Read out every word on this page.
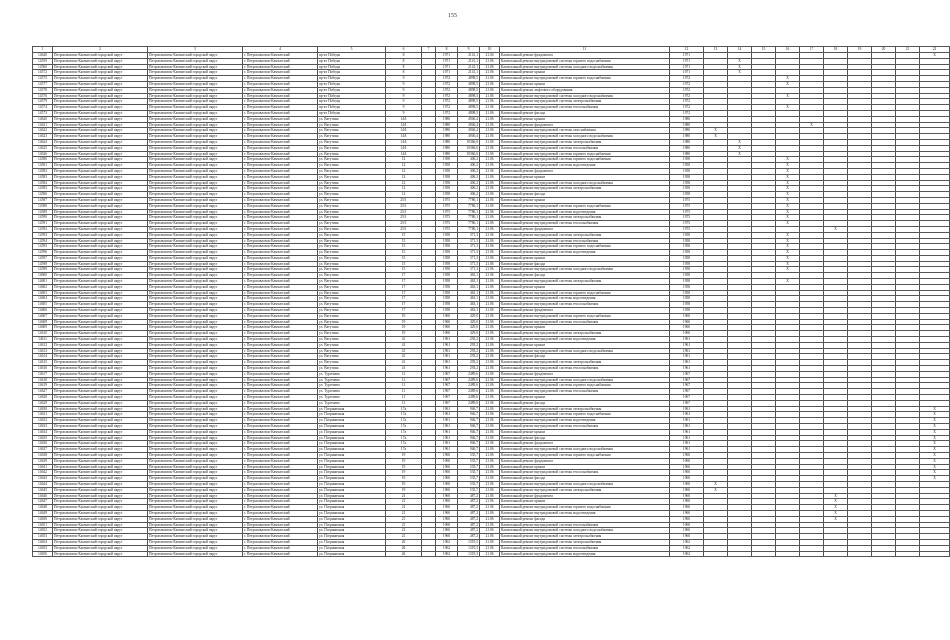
155
1	2	3	4	5	6	7	8	9	10	11	12	13	14	15	16	17	18	19	20	21	22
14640	Петропавловск-Камчатский городской округ	Петропавловск-Камчатский городской округ	г. Петропавловск-Камчатский	пр-кт Победы	8		1971	2141,1	21.04	Капитальный ремонт фундамента	1971										X
14559	Петропавловск-Камчатский городской округ	Петропавловск-Камчатский городской округ	г. Петропавловск-Камчатский	пр-кт Победы	8		1971	2141,1	21.06	Капитальный ремонт внутридомовой системы горячего водоснабжения	1971		X								
14560	Петропавловск-Камчатский городской округ	Петропавловск-Камчатский городской округ	г. Петропавловск-Камчатский	пр-кт Победы	8		1971	2141,1	21.06	Капитальный ремонт внутридомовой системы холодного водоснабжения	1971		X								
14572	Петропавловск-Камчатский городской округ	Петропавловск-Камчатский городской округ	г. Петропавловск-Камчатский	пр-кт Победы	8		1971	2141,1	21.06	Капитальный ремонт крыши	1971		X								
14575	Петропавловск-Камчатский городской округ	Петропавловск-Камчатский городской округ	г. Петропавловск-Камчатский	пр-кт Победы	9		1972	4898,5	21.06	Капитальный ремонт внутридомовой системы горячего водоснабжения	1972				X						
14577	Петропавловск-Камчатский городской округ	Петропавловск-Камчатский городской округ	г. Петропавловск-Камчатский	пр-кт Победы	9		1972	4898,5	21.06	Капитальный ремонт крыши	1972				X						
14578	Петропавловск-Камчатский городской округ	Петропавловск-Камчатский городской округ	г. Петропавловск-Камчатский	пр-кт Победы	9		1972	4898,5	21.06	Капитальный ремонт лифтового оборудования	1972										
14576	Петропавловск-Камчатский городской округ	Петропавловск-Камчатский городской округ	г. Петропавловск-Камчатский	пр-кт Победы	9		1972	4898,5	21.06	Капитальный ремонт внутридомовой системы холодного водоснабжения	1972				X						
14579	Петропавловск-Камчатский городской округ	Петропавловск-Камчатский городской округ	г. Петропавловск-Камчатский	пр-кт Победы	9		1972	4898,5	21.06	Капитальный ремонт внутридомовой системы электроснабжения	1972										
14574	Петропавловск-Камчатский городской округ	Петропавловск-Камчатский городской округ	г. Петропавловск-Камчатский	пр-кт Победы	9		1972	4898,5	21.06	Капитальный ремонт внутридомовой системы теплоснабжения	1972				X						
14573	Петропавловск-Камчатский городской округ	Петропавловск-Камчатский городской округ	г. Петропавловск-Камчатский	пр-кт Победы	9		1972	4898,5	21.06	Капитальный ремонт фасада	1972										
14620	Петропавловск-Камчатский городской округ	Петропавловск-Камчатский городской округ	г. Петропавловск-Камчатский	ул. Ватутина	14А		1980	4946,4	21.06	Капитальный ремонт крыши	1980										
14621	Петропавловск-Камчатский городской округ	Петропавловск-Камчатский городской округ	г. Петропавловск-Камчатский	ул. Ватутина	14А		1980	4946,4	21.06	Капитальный ремонт фундамента	1980					X					
14622	Петропавловск-Камчатский городской округ	Петропавловск-Камчатский городской округ	г. Петропавловск-Камчатский	ул. Ватутина	14А		1980	4946,4	21.06	Капитальный ремонт внутридомовой системы газоснабжения	1980	X									
14623	Петропавловск-Камчатский городской округ	Петропавловск-Камчатский городской округ	г. Петропавловск-Камчатский	ул. Ватутина	14А		1980	4946,4	21.06	Капитальный ремонт внутридомовой системы холодного водоснабжения	1980	X									
14624	Петропавловск-Камчатский городской округ	Петропавловск-Камчатский городской округ	г. Петропавловск-Камчатский	ул. Ватутина	14А		1980	10366,6	21.06	Капитальный ремонт внутридомовой системы электроснабжения	1980		X								
14625	Петропавловск-Камчатский городской округ	Петропавловск-Камчатский городской округ	г. Петропавловск-Камчатский	ул. Ватутина	14А		1980	10366,6	21.06	Капитальный ремонт внутридомовой системы теплоснабжения	1980		X								
14626	Петропавловск-Камчатский городской округ	Петропавловск-Камчатский городской округ	г. Петропавловск-Камчатский	ул. Ватутина	14А		1980	10366,6	21.06	Капитальный ремонт внутридомовой системы горячего водоснабжения	1980		X								
14580	Петропавловск-Камчатский городской округ	Петропавловск-Камчатский городской округ	г. Петропавловск-Камчатский	ул. Ватутина	12		1958	406,2	21.06	Капитальный ремонт внутридомовой системы горячего водоснабжения	1958				X						
14581	Петропавловск-Камчатский городской округ	Петропавловск-Камчатский городской округ	г. Петропавловск-Камчатский	ул. Ватутина	12		1958	406,2	21.06	Капитальный ремонт внутридомовой системы водоотведения	1958				X						
14582	Петропавловск-Камчатский городской округ	Петропавловск-Камчатский городской округ	г. Петропавловск-Камчатский	ул. Ватутина	12		1958	406,2	21.06	Капитальный ремонт фундамента	1958				X						
14583	Петропавловск-Камчатский городской округ	Петропавловск-Камчатский городской округ	г. Петропавловск-Камчатский	ул. Ватутина	12		1958	406,2	21.06	Капитальный ремонт крыши	1958				X						
14584	Петропавловск-Камчатский городской округ	Петропавловск-Камчатский городской округ	г. Петропавловск-Камчатский	ул. Ватутина	12		1958	406,2	21.06	Капитальный ремонт внутридомовой системы холодного водоснабжения	1958				X						
14585	Петропавловск-Камчатский городской округ	Петропавловск-Камчатский городской округ	г. Петропавловск-Камчатский	ул. Ватутина	12		1958	406,2	21.06	Капитальный ремонт внутридомовой системы электроснабжения	1958				X						
14586	Петропавловск-Камчатский городской округ	Петропавловск-Камчатский городской округ	г. Петропавловск-Камчатский	ул. Ватутина	12		1958	406,2	21.06	Капитальный ремонт фасада	1958				X						
14587	Петропавловск-Камчатский городской округ	Петропавловск-Камчатский городской округ	г. Петропавловск-Камчатский	ул. Ватутина	25/1		1975	7786,1	21.06	Капитальный ремонт крыши	1975				X						
14588	Петропавловск-Камчатский городской округ	Петропавловск-Камчатский городской округ	г. Петропавловск-Камчатский	ул. Ватутина	25/1		1975	7786,1	21.06	Капитальный ремонт внутридомовой системы горячего водоснабжения	1975				X						
14589	Петропавловск-Камчатский городской округ	Петропавловск-Камчатский городской округ	г. Петропавловск-Камчатский	ул. Ватутина	25/1		1975	7786,1	21.06	Капитальный ремонт внутридомовой системы водоотведения	1975				X						
14590	Петропавловск-Камчатский городской округ	Петропавловск-Камчатский городской округ	г. Петропавловск-Камчатский	ул. Ватутина	25/1		1975	7786,1	21.06	Капитальный ремонт внутридомовой системы электроснабжения	1975				X						
14591	Петропавловск-Камчатский городской округ	Петропавловск-Камчатский городской округ	г. Петропавловск-Камчатский	ул. Ватутина	25/1		1975	7786,1	21.06	Капитальный ремонт внутридомовой системы теплоснабжения	1975				X						
14592	Петропавловск-Камчатский городской округ	Петропавловск-Камчатский городской округ	г. Петропавловск-Камчатский	ул. Ватутина	25/1		1975	7786,1	21.06	Капитальный ремонт фундамента	1975						X				
14593	Петропавловск-Камчатский городской округ	Петропавловск-Камчатский городской округ	г. Петропавловск-Камчатский	ул. Ватутина	15		1958	371,3	21.06	Капитальный ремонт внутридомовой системы электроснабжения	1958				X						
14594	Петропавловск-Камчатский городской округ	Петропавловск-Камчатский городской округ	г. Петропавловск-Камчатский	ул. Ватутина	15		1958	371,3	21.06	Капитальный ремонт внутридомовой системы теплоснабжения	1958				X						
14595	Петропавловск-Камчатский городской округ	Петропавловск-Камчатский городской округ	г. Петропавловск-Камчатский	ул. Ватутина	15		1958	371,3	21.06	Капитальный ремонт внутридомовой системы горячего водоснабжения	1958				X						
14596	Петропавловск-Камчатский городской округ	Петропавловск-Камчатский городской округ	г. Петропавловск-Камчатский	ул. Ватутина	15		1958	371,3	21.06	Капитальный ремонт внутридомовой системы водоотведения	1958				X						
14597	Петропавловск-Камчатский городской округ	Петропавловск-Камчатский городской округ	г. Петропавловск-Камчатский	ул. Ватутина	15		1958	371,3	21.06	Капитальный ремонт крыши	1958				X						
14598	Петропавловск-Камчатский городской округ	Петропавловск-Камчатский городской округ	г. Петропавловск-Камчатский	ул. Ватутина	15		1958	371,3	21.06	Капитальный ремонт фасада	1958				X						
14599	Петропавловск-Камчатский городской округ	Петропавловск-Камчатский городской округ	г. Петропавловск-Камчатский	ул. Ватутина	15		1958	371,3	21.06	Капитальный ремонт внутридомовой системы холодного водоснабжения	1958				X						
14600	Петропавловск-Камчатский городской округ	Петропавловск-Камчатский городской округ	г. Петропавловск-Камчатский	ул. Ватутина	17		1958	463,1	21.06	Капитальный ремонт фасада	1958										
14601	Петропавловск-Камчатский городской округ	Петропавловск-Камчатский городской округ	г. Петропавловск-Камчатский	ул. Ватутина	17		1958	463,1	21.06	Капитальный ремонт внутридомовой системы электроснабжения	1958				X						
14602	Петропавловск-Камчатский городской округ	Петропавловск-Камчатский городской округ	г. Петропавловск-Камчатский	ул. Ватутина	17		1958	463,1	21.06	Капитальный ремонт крыши	1958										
14603	Петропавловск-Камчатский городской округ	Петропавловск-Камчатский городской округ	г. Петропавловск-Камчатский	ул. Ватутина	17		1958	463,1	21.06	Капитальный ремонт внутридомовой системы горячего водоснабжения	1958										
14604	Петропавловск-Камчатский городской округ	Петропавловск-Камчатский городской округ	г. Петропавловск-Камчатский	ул. Ватутина	17		1958	463,1	21.06	Капитальный ремонт внутридомовой системы водоотведения	1958										
14605	Петропавловск-Камчатский городской округ	Петропавловск-Камчатский городской округ	г. Петропавловск-Камчатский	ул. Ватутина	17		1958	463,1	21.06	Капитальный ремонт внутридомовой системы теплоснабжения	1958										
14606	Петропавловск-Камчатский городской округ	Петропавловск-Камчатский городской округ	г. Петропавловск-Камчатский	ул. Ватутина	17		1958	463,1	21.06	Капитальный ремонт фундамента	1958										
14607	Петропавловск-Камчатский городской округ	Петропавловск-Камчатский городской округ	г. Петропавловск-Камчатский	ул. Ватутина	19		1960	429,0	21.06	Капитальный ремонт внутридомовой системы горячего водоснабжения	1960										
14608	Петропавловск-Камчатский городской округ	Петропавловск-Камчатский городской округ	г. Петропавловск-Камчатский	ул. Ватутина	19		1960	429,0	21.06	Капитальный ремонт внутридомовой системы теплоснабжения	1960										
14609	Петропавловск-Камчатский городской округ	Петропавловск-Камчатский городской округ	г. Петропавловск-Камчатский	ул. Ватутина	19		1960	429,0	21.06	Капитальный ремонт крыши	1960										
14610	Петропавловск-Камчатский городской округ	Петропавловск-Камчатский городской округ	г. Петропавловск-Камчатский	ул. Ватутина	19		1960	429,0	21.06	Капитальный ремонт внутридомовой системы электроснабжения	1960										
14611	Петропавловск-Камчатский городской округ	Петропавловск-Камчатский городской округ	г. Петропавловск-Камчатский	ул. Ватутина	41		1961	293,2	21.06	Капитальный ремонт внутридомовой системы водоотведения	1961										
14612	Петропавловск-Камчатский городской округ	Петропавловск-Камчатский городской округ	г. Петропавловск-Камчатский	ул. Ватутина	41		1961	293,2	21.06	Капитальный ремонт крыши	1961										
14613	Петропавловск-Камчатский городской округ	Петропавловск-Камчатский городской округ	г. Петропавловск-Камчатский	ул. Ватутина	41		1961	293,2	21.06	Капитальный ремонт внутридомовой системы холодного водоснабжения	1961										
14614	Петропавловск-Камчатский городской округ	Петропавловск-Камчатский городской округ	г. Петропавловск-Камчатский	ул. Ватутина	41		1961	293,2	21.06	Капитальный ремонт фасада	1961										
14615	Петропавловск-Камчатский городской округ	Петропавловск-Камчатский городской округ	г. Петропавловск-Камчатский	ул. Ватутина	41		1961	293,2	21.06	Капитальный ремонт внутридомовой системы электроснабжения	1961										
14616	Петропавловск-Камчатский городской округ	Петропавловск-Камчатский городской округ	г. Петропавловск-Камчатский	ул. Ватутина	41		1961	293,2	21.06	Капитальный ремонт внутридомовой системы теплоснабжения	1961										
14617	Петропавловск-Камчатский городской округ	Петропавловск-Камчатский городской округ	г. Петропавловск-Камчатский	ул. Тургенева	11		1967	2489,6	21.06	Капитальный ремонт фундамента	1967										
14618	Петропавловск-Камчатский городской округ	Петропавловск-Камчатский городской округ	г. Петропавловск-Камчатский	ул. Тургенева	11		1967	2489,6	21.06	Капитальный ремонт внутридомовой системы холодного водоснабжения	1967										
14619	Петропавловск-Камчатский городской округ	Петропавловск-Камчатский городской округ	г. Петропавловск-Камчатский	ул. Тургенева	11		1967	2489,6	21.06	Капитальный ремонт внутридомовой системы горячего водоснабжения	1967										
14627	Петропавловск-Камчатский городской округ	Петропавловск-Камчатский городской округ	г. Петропавловск-Камчатский	ул. Тургенева	11		1967	2489,6	21.06	Капитальный ремонт внутридомовой системы теплоснабжения	1967										
14628	Петропавловск-Камчатский городской округ	Петропавловск-Камчатский городской округ	г. Петропавловск-Камчатский	ул. Тургенева	11		1967	2489,6	21.06	Капитальный ремонт крыши	1967										
14629	Петропавловск-Камчатский городской округ	Петропавловск-Камчатский городской округ	г. Петропавловск-Камчатский	ул. Тургенева	11		1967	2489,6	21.06	Капитальный ремонт фасада	1967										
14630	Петропавловск-Камчатский городской округ	Петропавловск-Камчатский городской округ	г. Петропавловск-Камчатский	ул. Пограничная	17а		1961	946,7	21.06	Капитальный ремонт внутридомовой системы электроснабжения	1961										X
14631	Петропавловск-Камчатский городской округ	Петропавловск-Камчатский городской округ	г. Петропавловск-Камчатский	ул. Пограничная	17а		1961	946,7	21.06	Капитальный ремонт внутридомовой системы горячего водоснабжения	1961										X
14632	Петропавловск-Камчатский городской округ	Петропавловск-Камчатский городской округ	г. Петропавловск-Камчатский	ул. Пограничная	17а		1961	946,7	21.06	Капитальный ремонт внутридомовой системы водоотведения	1961										X
14633	Петропавловск-Камчатский городской округ	Петропавловск-Камчатский городской округ	г. Петропавловск-Камчатский	ул. Пограничная	17а		1961	946,7	21.06	Капитальный ремонт внутридомовой системы теплоснабжения	1961										X
14634	Петропавловск-Камчатский городской округ	Петропавловск-Камчатский городской округ	г. Петропавловск-Камчатский	ул. Пограничная	17а		1961	946,7	21.06	Капитальный ремонт крыши	1961										X
14635	Петропавловск-Камчатский городской округ	Петропавловск-Камчатский городской округ	г. Петропавловск-Камчатский	ул. Пограничная	17а		1961	946,7	21.06	Капитальный ремонт фасада	1961										X
14636	Петропавловск-Камчатский городской округ	Петропавловск-Камчатский городской округ	г. Петропавловск-Камчатский	ул. Пограничная	17а		1961	946,7	21.06	Капитальный ремонт фундамента	1961										X
14637	Петропавловск-Камчатский городской округ	Петропавловск-Камчатский городской округ	г. Петропавловск-Камчатский	ул. Пограничная	17а		1961	946,7	21.06	Капитальный ремонт внутридомовой системы холодного водоснабжения	1961										X
14638	Петропавловск-Камчатский городской округ	Петропавловск-Камчатский городской округ	г. Петропавловск-Камчатский	ул. Пограничная	19		1960	535,7	21.06	Капитальный ремонт внутридомовой системы горячего водоснабжения	1960										X
14639	Петропавловск-Камчатский городской округ	Петропавловск-Камчатский городской округ	г. Петропавловск-Камчатский	ул. Пограничная	19		1960	535,7	21.06	Капитальный ремонт фундамента	1960										X
14641	Петропавловск-Камчатский городской округ	Петропавловск-Камчатский городской округ	г. Петропавловск-Камчатский	ул. Пограничная	19		1960	535,7	21.06	Капитальный ремонт крыши	1960										X
14642	Петропавловск-Камчатский городской округ	Петропавловск-Камчатский городской округ	г. Петропавловск-Камчатский	ул. Пограничная	19		1960	535,7	21.06	Капитальный ремонт внутридомовой системы теплоснабжения	1960										X
14643	Петропавловск-Камчатский городской округ	Петропавловск-Камчатский городской округ	г. Петропавловск-Камчатский	ул. Пограничная	19		1960	535,7	21.06	Капитальный ремонт фасада	1960										X
14644	Петропавловск-Камчатский городской округ	Петропавловск-Камчатский городской округ	г. Петропавловск-Камчатский	ул. Пограничная	19		1960	535,7	21.06	Капитальный ремонт внутридомовой системы холодного водоснабжения	1960	X									
14645	Петропавловск-Камчатский городской округ	Петропавловск-Камчатский городской округ	г. Петропавловск-Камчатский	ул. Пограничная	19		1960	535,7	21.06	Капитальный ремонт внутридомовой системы электроснабжения	1960	X									
14646	Петропавловск-Камчатский городской округ	Петропавловск-Камчатский городской округ	г. Петропавловск-Камчатский	ул. Пограничная	21		1960	487,2	21.06	Капитальный ремонт фундамента	1960						X				
14647	Петропавловск-Камчатский городской округ	Петропавловск-Камчатский городской округ	г. Петропавловск-Камчатский	ул. Пограничная	21		1960	487,2	21.06	Капитальный ремонт крыши	1960						X				
14648	Петропавловск-Камчатский городской округ	Петропавловск-Камчатский городской округ	г. Петропавловск-Камчатский	ул. Пограничная	21		1960	487,2	21.06	Капитальный ремонт внутридомовой системы горячего водоснабжения	1960						X				
14649	Петропавловск-Камчатский городской округ	Петропавловск-Камчатский городской округ	г. Петропавловск-Камчатский	ул. Пограничная	21		1960	487,2	21.06	Капитальный ремонт внутридомовой системы водоотведения	1960						X				
14650	Петропавловск-Камчатский городской округ	Петропавловск-Камчатский городской округ	г. Петропавловск-Камчатский	ул. Пограничная	21		1960	487,2	21.06	Капитальный ремонт фасада	1960						X				
14651	Петропавловск-Камчатский городской округ	Петропавловск-Камчатский городской округ	г. Петропавловск-Камчатский	ул. Пограничная	21		1960	487,2	21.06	Капитальный ремонт внутридомовой системы теплоснабжения	1960										
14652	Петропавловск-Камчатский городской округ	Петропавловск-Камчатский городской округ	г. Петропавловск-Камчатский	ул. Пограничная	21		1960	487,2	21.06	Капитальный ремонт внутридомовой системы холодного водоснабжения	1960										
14653	Петропавловск-Камчатский городской округ	Петропавловск-Камчатский городской округ	г. Петропавловск-Камчатский	ул. Пограничная	21		1960	487,2	21.06	Капитальный ремонт внутридомовой системы электроснабжения	1960										
14654	Петропавловск-Камчатский городской округ	Петропавловск-Камчатский городской округ	г. Петропавловск-Камчатский	ул. Пограничная	26		1962	1319,3	21.06	Капитальный ремонт внутридомовой системы электроснабжения	1962										
14655	Петропавловск-Камчатский городской округ	Петропавловск-Камчатский городской округ	г. Петропавловск-Камчатский	ул. Пограничная	26		1962	1319,3	21.06	Капитальный ремонт внутридомовой системы теплоснабжения	1962										
14656	Петропавловск-Камчатский городской округ	Петропавловск-Камчатский городской округ	г. Петропавловск-Камчатский	ул. Пограничная	26		1962	1319,3	21.06	Капитальный ремонт внутридомовой системы водоотведения	1962										
